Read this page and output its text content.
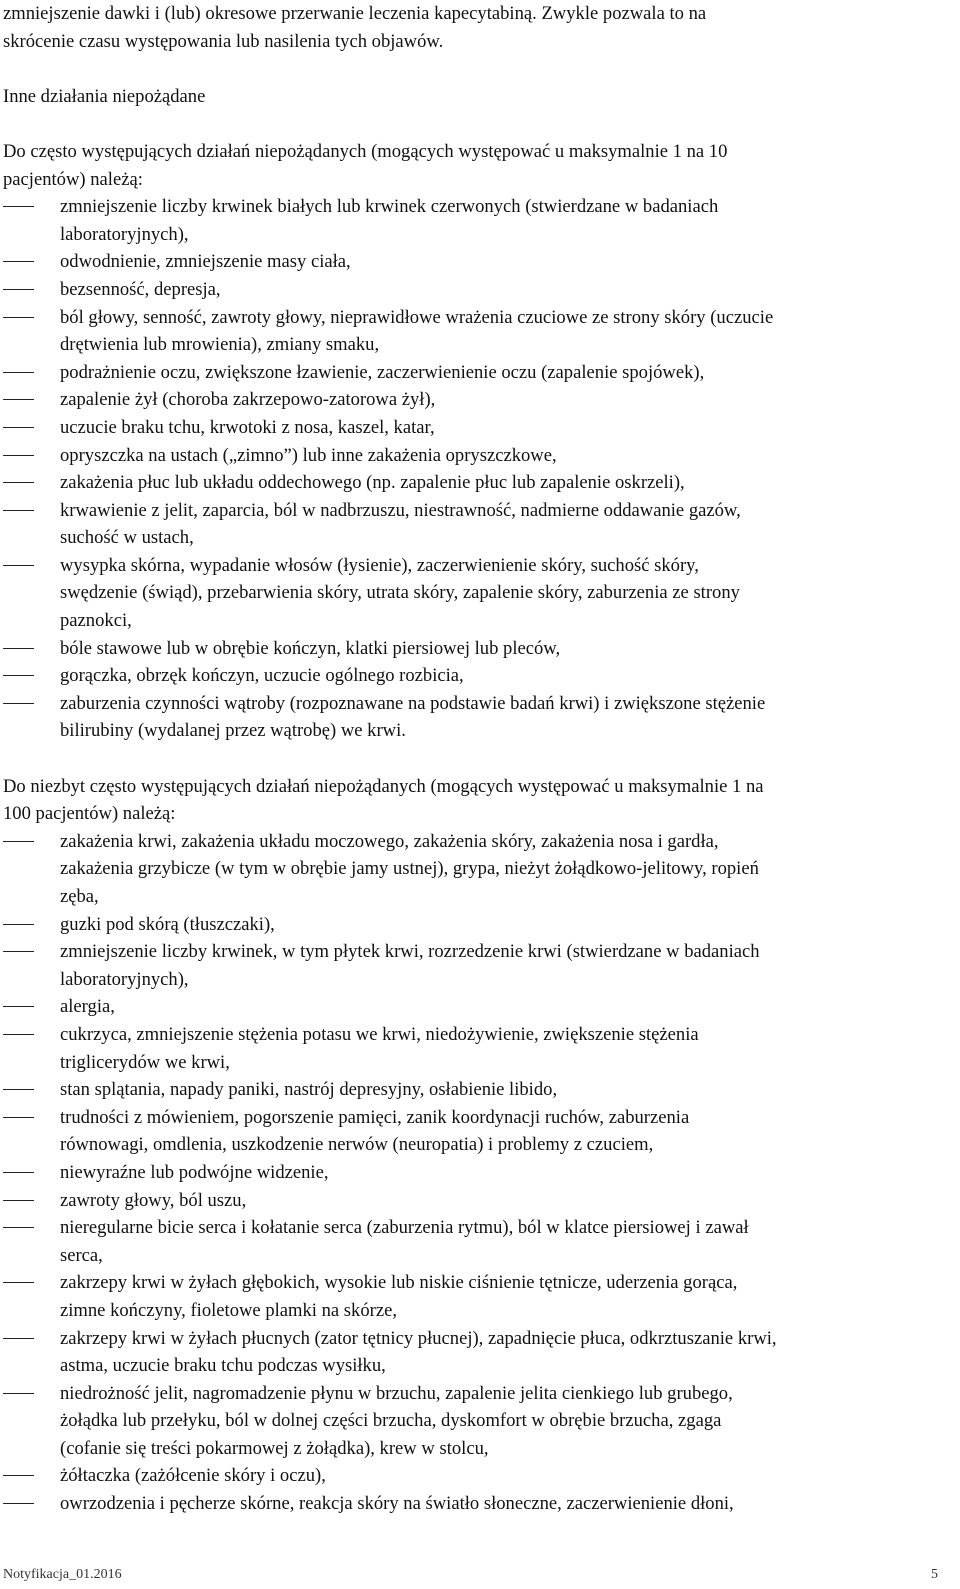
zmniejszenie dawki i (lub) okresowe przerwanie leczenia kapecytabiną. Zwykle pozwala to na
skrócenie czasu występowania lub nasilenia tych objawów.
Inne działania niepożądane
Do często występujących działań niepożądanych (mogących występować u maksymalnie 1 na 10
pacjentów) należą:
zmniejszenie liczby krwinek białych lub krwinek czerwonych (stwierdzane w badaniach
laboratoryjnych),
odwodnienie, zmniejszenie masy ciała,
bezsenność, depresja,
ból głowy, senność, zawroty głowy, nieprawidłowe wrażenia czuciowe ze strony skóry (uczucie
drętwienia lub mrowienia), zmiany smaku,
podrażnienie oczu, zwiększone łzawienie, zaczerwienienie oczu (zapalenie spojówek),
zapalenie żył (choroba zakrzepowo-zatorowa żył),
uczucie braku tchu, krwotoki z nosa, kaszel, katar,
opryszczka na ustach („zimno”) lub inne zakażenia opryszczkowe,
zakażenia płuc lub układu oddechowego (np. zapalenie płuc lub zapalenie oskrzeli),
krwawienie z jelit, zaparcia, ból w nadbrzuszu, niestrawność, nadmierne oddawanie gazów,
suchość w ustach,
wysypka skórna, wypadanie włosów (łysienie), zaczerwienienie skóry, suchość skóry,
swędzenie (świąd), przebarwienia skóry, utrata skóry, zapalenie skóry, zaburzenia ze strony
paznokci,
bóle stawowe lub w obrębie kończyn, klatki piersiowej lub pleców,
gorączka, obrzęk kończyn, uczucie ogólnego rozbicia,
zaburzenia czynności wątroby (rozpoznawane na podstawie badań krwi) i zwiększone stężenie
bilirubiny (wydalanej przez wątrobę) we krwi.
Do niezbyt często występujących działań niepożądanych (mogących występować u maksymalnie 1 na
100 pacjentów) należą:
zakażenia krwi, zakażenia układu moczowego, zakażenia skóry, zakażenia nosa i gardła,
zakażenia grzybicze (w tym w obrębie jamy ustnej), grypa, nieżyt żołądkowo-jelitowy, ropień
zęba,
guzki pod skórą (tłuszczaki),
zmniejszenie liczby krwinek, w tym płytek krwi, rozrzedzenie krwi (stwierdzane w badaniach
laboratoryjnych),
alergia,
cukrzyca, zmniejszenie stężenia potasu we krwi, niedożywienie, zwiększenie stężenia
triglicerydów we krwi,
stan splątania, napady paniki, nastrój depresyjny, osłabienie libido,
trudności z mówieniem, pogorszenie pamięci, zanik koordynacji ruchów, zaburzenia
równowagi, omdlenia, uszkodzenie nerwów (neuropatia) i problemy z czuciem,
niewyraźne lub podwójne widzenie,
zawroty głowy, ból uszu,
nieregularne bicie serca i kołatanie serca (zaburzenia rytmu), ból w klatce piersiowej i zawał
serca,
zakrzepy krwi w żyłach głębokich, wysokie lub niskie ciśnienie tętnicze, uderzenia gorąca,
zimne kończyny, fioletowe plamki na skórze,
zakrzepy krwi w żyłach płucnych (zator tętnicy płucnej), zapadnięcie płuca, odkrztuszanie krwi,
astma, uczucie braku tchu podczas wysiłku,
niedrożność jelit, nagromadzenie płynu w brzuchu, zapalenie jelita cienkiego lub grubego,
żołądka lub przełyku, ból w dolnej części brzucha, dyskomfort w obrębie brzucha, zgaga
(cofanie się treści pokarmowej z żołądka), krew w stolcu,
żółtaczka (zażółcenie skóry i oczu),
owrzodzenia i pęcherze skórne, reakcja skóry na światło słoneczne, zaczerwienienie dłoni,
Notyfikacja_01.2016	5
